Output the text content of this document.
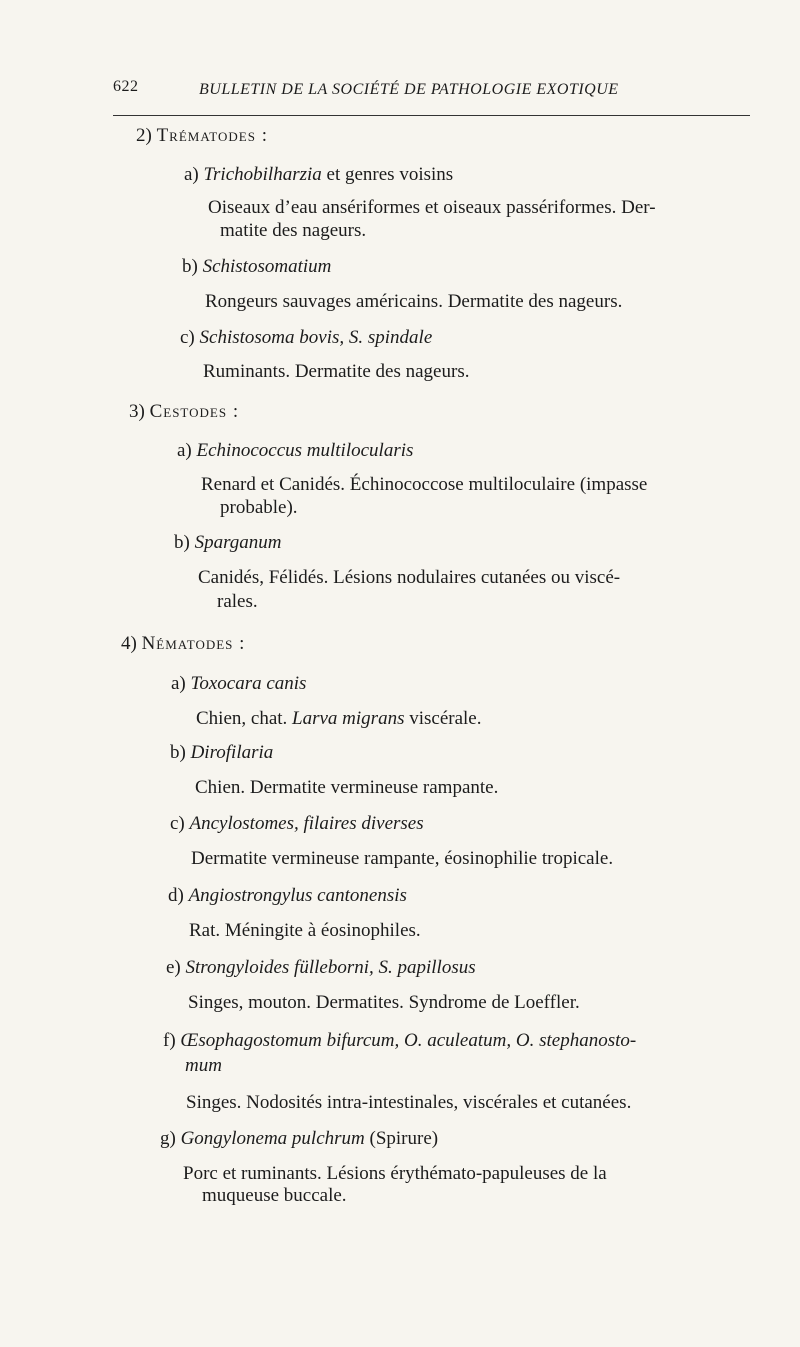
622	BULLETIN DE LA SOCIÉTÉ DE PATHOLOGIE EXOTIQUE
2) Trématodes :
a) Trichobilharzia et genres voisins
Oiseaux d’eau ansériformes et oiseaux passériformes. Der-
matite des nageurs.
b) Schistosomatium
Rongeurs sauvages américains. Dermatite des nageurs.
c) Schistosoma bovis, S. spindale
Ruminants. Dermatite des nageurs.
3) Cestodes :
a) Echinococcus multilocularis
Renard et Canidés. Échinococcose multiloculaire (impasse
probable).
b) Sparganum
Canidés, Félidés. Lésions nodulaires cutanées ou viscé-
rales.
4) Nématodes :
a) Toxocara canis
Chien, chat. Larva migrans viscérale.
b) Dirofilaria
Chien. Dermatite vermineuse rampante.
c) Ancylostomes, filaires diverses
Dermatite vermineuse rampante, éosinophilie tropicale.
d) Angiostrongylus cantonensis
Rat. Méningite à éosinophiles.
e) Strongyloides fülleborni, S. papillosus
Singes, mouton. Dermatites. Syndrome de Loeffler.
f) Œsophagostomum bifurcum, O. aculeatum, O. stephanosto-
mum
Singes. Nodosités intra-intestinales, viscérales et cutanées.
g) Gongylonema pulchrum (Spirure)
Porc et ruminants. Lésions érythémato-papuleuses de la
muqueuse buccale.
